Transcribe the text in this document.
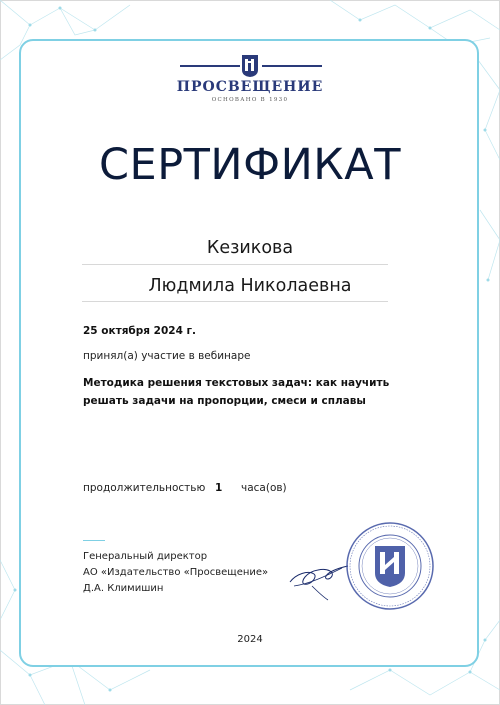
ПРОСВЕЩЕНИЕ
ОСНОВАНО В 1930
СЕРТИФИКАТ
Кезикова
Людмила Николаевна
25 октября 2024 г.
принял(а) участие в вебинаре
Методика решения текстовых задач: как научить решать задачи на пропорции, смеси и сплавы
продолжительностью 1 часа(ов)
Генеральный директор
АО «Издательство «Просвещение»
Д.А. Климишин
2024
